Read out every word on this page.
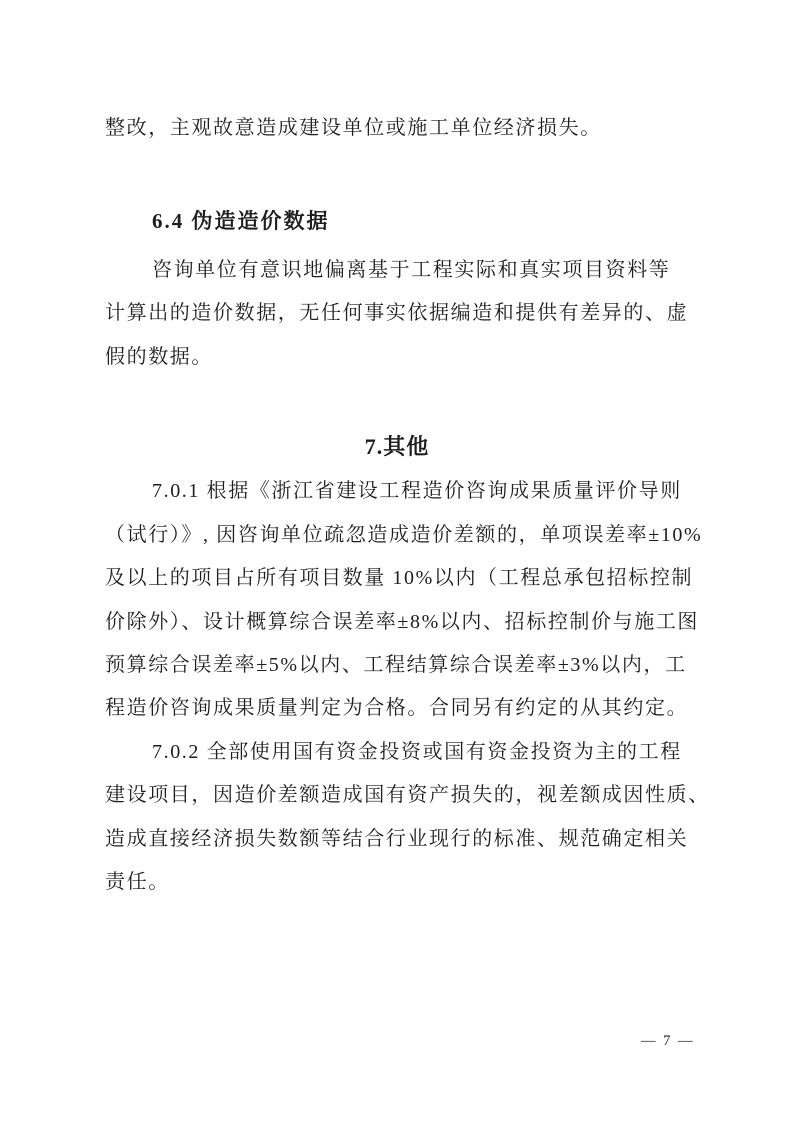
整改，主观故意造成建设单位或施工单位经济损失。
6.4 伪造造价数据
咨询单位有意识地偏离基于工程实际和真实项目资料等
计算出的造价数据，无任何事实依据编造和提供有差异的、虚
假的数据。
7.其他
7.0.1 根据《浙江省建设工程造价咨询成果质量评价导则
（试行）》, 因咨询单位疏忽造成造价差额的，单项误差率±10%
及以上的项目占所有项目数量 10%以内（工程总承包招标控制
价除外）、设计概算综合误差率±8%以内、招标控制价与施工图
预算综合误差率±5%以内、工程结算综合误差率±3%以内，工
程造价咨询成果质量判定为合格。合同另有约定的从其约定。
7.0.2 全部使用国有资金投资或国有资金投资为主的工程
建设项目，因造价差额造成国有资产损失的，视差额成因性质、
造成直接经济损失数额等结合行业现行的标准、规范确定相关
责任。
— 7 —
